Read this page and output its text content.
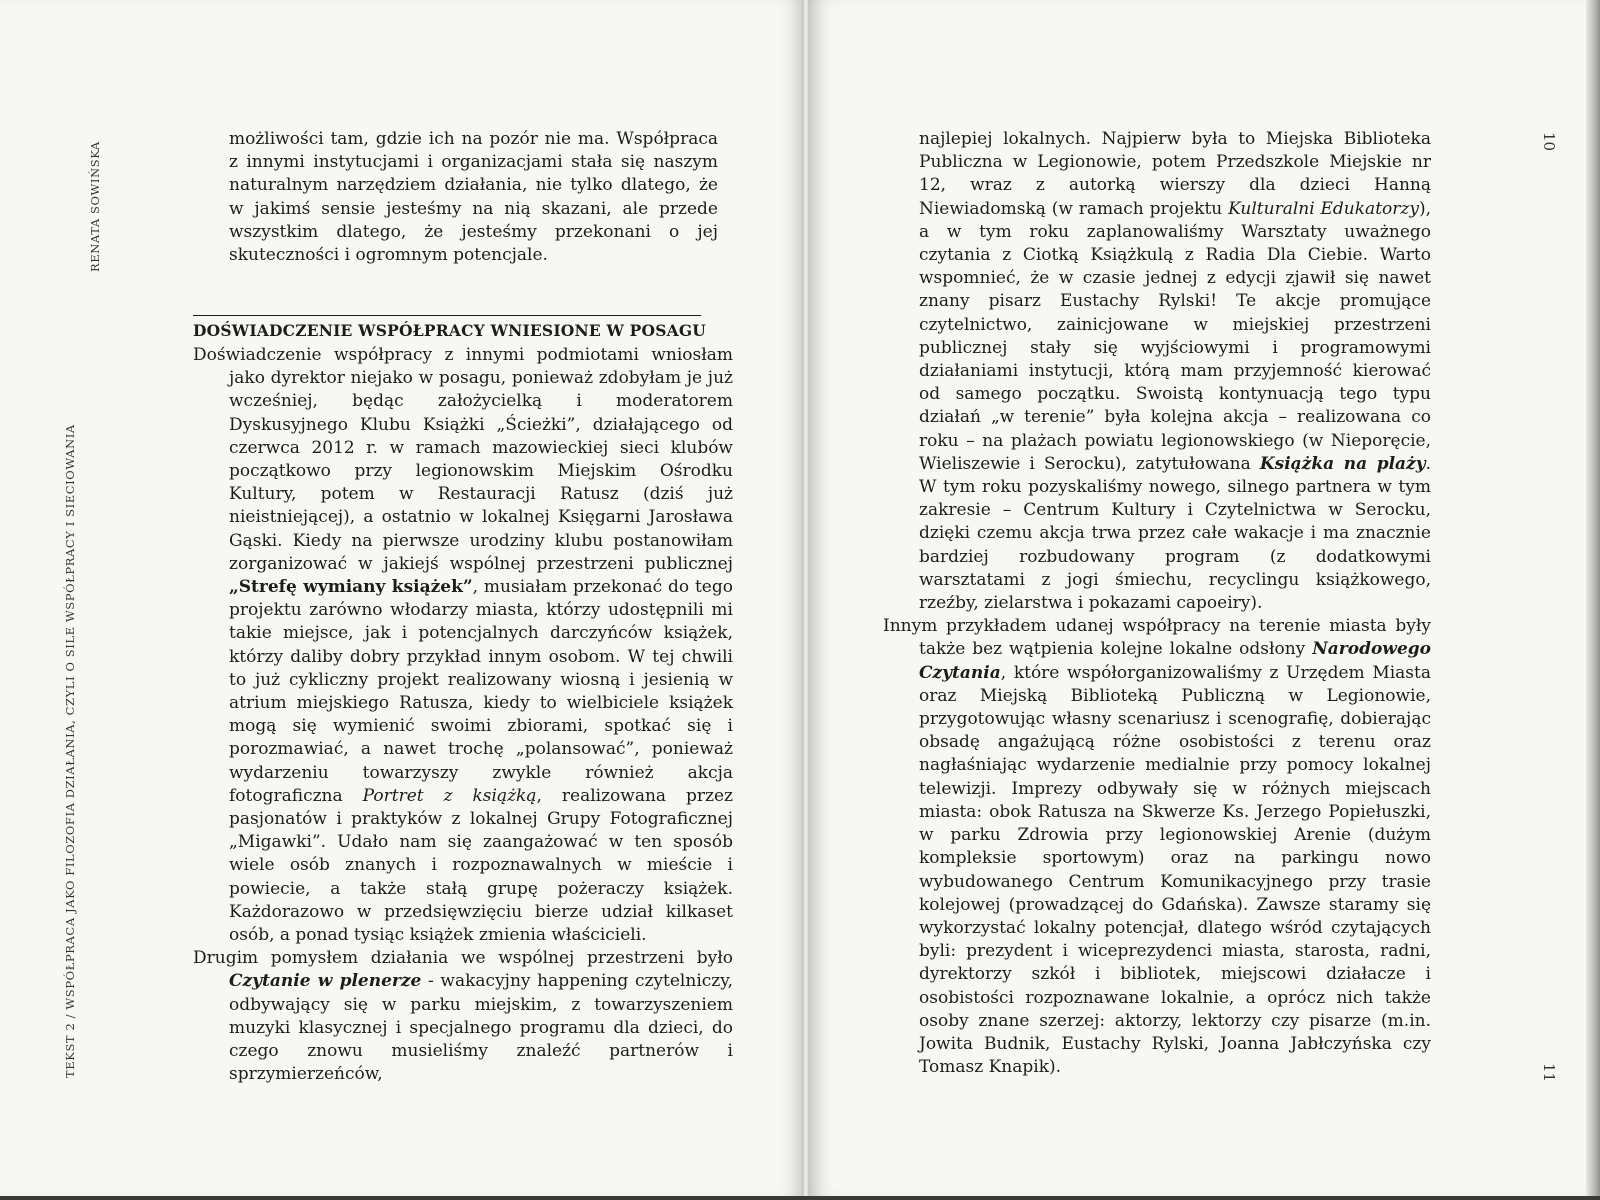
RENATA SOWIŃSKA
TEKST 2 / WSPÓŁPRACA JAKO FILOZOFIA DZIAŁANIA, CZYLI O SILE WSPÓŁPRACY I SIECIOWANIA

możliwości tam, gdzie ich na pozór nie ma. Współpraca z innymi instytucjami i organizacjami stała się naszym naturalnym narzędziem działania, nie tylko dlatego, że w jakimś sensie jesteśmy na nią skazani, ale przede wszystkim dlatego, że jesteśmy przekonani o jej skuteczności i ogromnym potencjale.

DOŚWIADCZENIE WSPÓŁPRACY WNIESIONE W POSAGU

Doświadczenie współpracy z innymi podmiotami wniosłam jako dyrektor niejako w posagu, ponieważ zdobyłam je już wcześniej, będąc założycielką i moderatorem Dyskusyjnego Klubu Książki „Ścieżki”, działającego od czerwca 2012 r. w ramach mazowieckiej sieci klubów początkowo przy legionowskim Miejskim Ośrodku Kultury, potem w Restauracji Ratusz (dziś już nieistniejącej), a ostatnio w lokalnej Księgarni Jarosława Gąski. Kiedy na pierwsze urodziny klubu postanowiłam zorganizować w jakiejś wspólnej przestrzeni publicznej „Strefę wymiany książek”, musiałam przekonać do tego projektu zarówno włodarzy miasta, którzy udostępnili mi takie miejsce, jak i potencjalnych darczyńców książek, którzy daliby dobry przykład innym osobom. W tej chwili to już cykliczny projekt realizowany wiosną i jesienią w atrium miejskiego Ratusza, kiedy to wielbiciele książek mogą się wymienić swoimi zbiorami, spotkać się i porozmawiać, a nawet trochę „polansować”, ponieważ wydarzeniu towarzyszy zwykle również akcja fotograficzna Portret z książką, realizowana przez pasjonatów i praktyków z lokalnej Grupy Fotograficznej „Migawki”. Udało nam się zaangażować w ten sposób wiele osób znanych i rozpoznawalnych w mieście i powiecie, a także stałą grupę pożeraczy książek. Każdorazowo w przedsięwzięciu bierze udział kilkaset osób, a ponad tysiąc książek zmienia właścicieli.

Drugim pomysłem działania we wspólnej przestrzeni było Czytanie w plenerze - wakacyjny happening czytelniczy, odbywający się w parku miejskim, z towarzyszeniem muzyki klasycznej i specjalnego programu dla dzieci, do czego znowu musieliśmy znaleźć partnerów i sprzymierzeńców,

najlepiej lokalnych. Najpierw była to Miejska Biblioteka Publiczna w Legionowie, potem Przedszkole Miejskie nr 12, wraz z autorką wierszy dla dzieci Hanną Niewiadomską (w ramach projektu Kulturalni Edukatorzy), a w tym roku zaplanowaliśmy Warsztaty uważnego czytania z Ciotką Książkulą z Radia Dla Ciebie. Warto wspomnieć, że w czasie jednej z edycji zjawił się nawet znany pisarz Eustachy Rylski! Te akcje promujące czytelnictwo, zainicjowane w miejskiej przestrzeni publicznej stały się wyjściowymi i programowymi działaniami instytucji, którą mam przyjemność kierować od samego początku. Swoistą kontynuacją tego typu działań „w terenie” była kolejna akcja – realizowana co roku – na plażach powiatu legionowskiego (w Nieporęcie, Wieliszewie i Serocku), zatytułowana Książka na plaży. W tym roku pozyskaliśmy nowego, silnego partnera w tym zakresie – Centrum Kultury i Czytelnictwa w Serocku, dzięki czemu akcja trwa przez całe wakacje i ma znacznie bardziej rozbudowany program (z dodatkowymi warsztatami z jogi śmiechu, recyclingu książkowego, rzeźby, zielarstwa i pokazami capoeiry).

Innym przykładem udanej współpracy na terenie miasta były także bez wątpienia kolejne lokalne odsłony Narodowego Czytania, które współorganizowaliśmy z Urzędem Miasta oraz Miejską Biblioteką Publiczną w Legionowie, przygotowując własny scenariusz i scenografię, dobierając obsadę angażującą różne osobistości z terenu oraz nagłaśniając wydarzenie medialnie przy pomocy lokalnej telewizji. Imprezy odbywały się w różnych miejscach miasta: obok Ratusza na Skwerze Ks. Jerzego Popiełuszki, w parku Zdrowia przy legionowskiej Arenie (dużym kompleksie sportowym) oraz na parkingu nowo wybudowanego Centrum Komunikacyjnego przy trasie kolejowej (prowadzącej do Gdańska). Zawsze staramy się wykorzystać lokalny potencjał, dlatego wśród czytających byli: prezydent i wiceprezydenci miasta, starosta, radni, dyrektorzy szkół i bibliotek, miejscowi działacze i osobistości rozpoznawane lokalnie, a oprócz nich także osoby znane szerzej: aktorzy, lektorzy czy pisarze (m.in. Jowita Budnik, Eustachy Rylski, Joanna Jabłczyńska czy Tomasz Knapik).

10
11
